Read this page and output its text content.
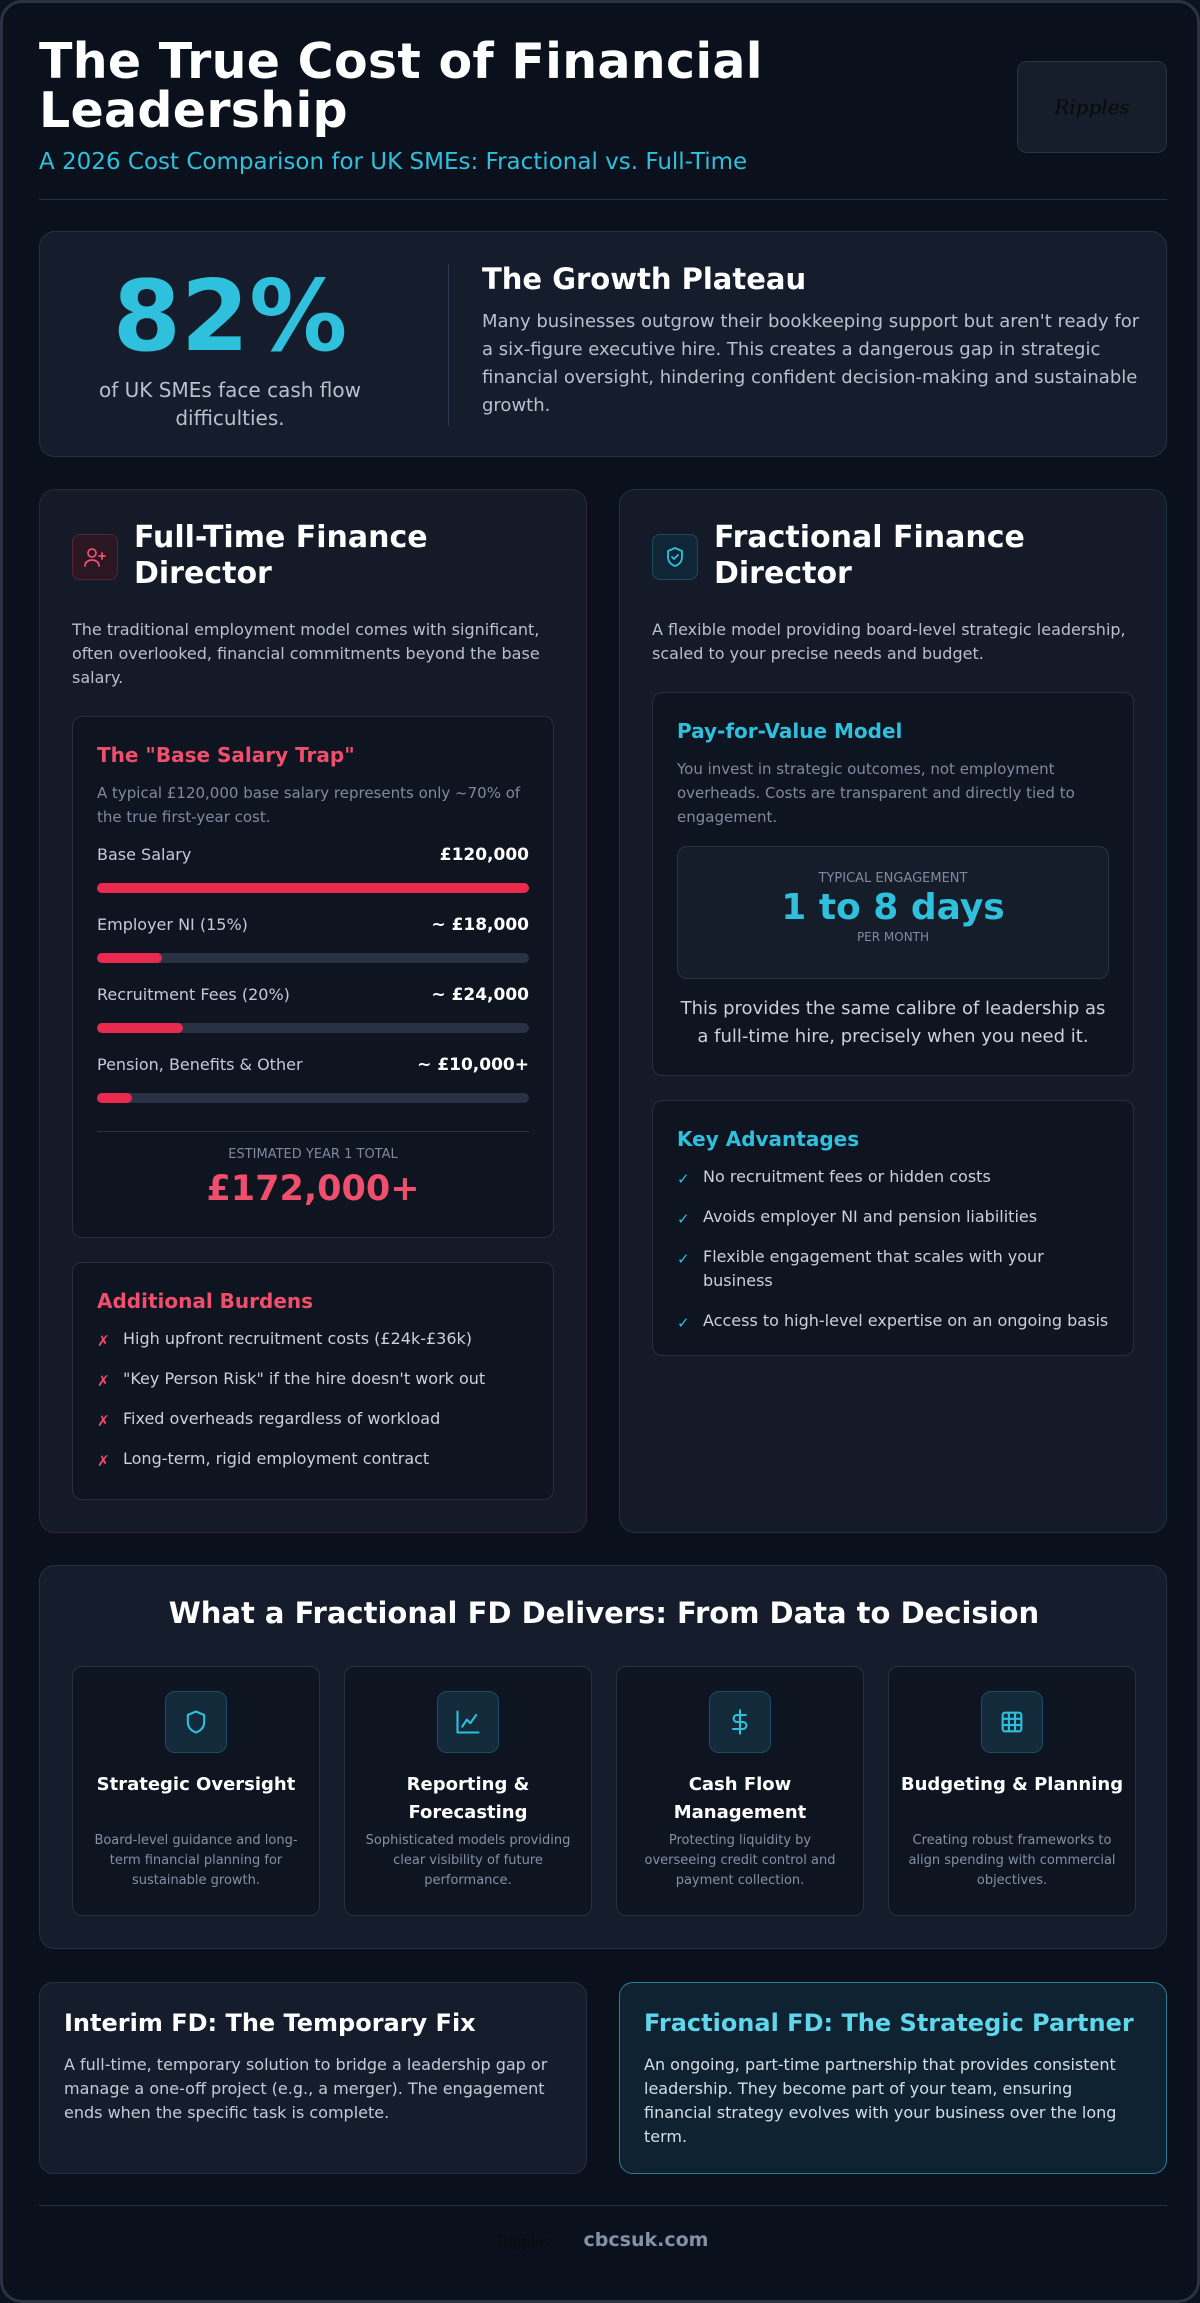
The True Cost of Financial Leadership
A 2026 Cost Comparison for UK SMEs: Fractional vs. Full-Time
Ripples
82%
of UK SMEs face cash flow difficulties.
The Growth Plateau
Many businesses outgrow their bookkeeping support but aren't ready for a six-figure executive hire. This creates a dangerous gap in strategic financial oversight, hindering confident decision-making and sustainable growth.
Full-Time Finance Director
The traditional employment model comes with significant, often overlooked, financial commitments beyond the base salary.
The "Base Salary Trap"
A typical £120,000 base salary represents only ~70% of the true first-year cost.
Base Salary	£120,000
Employer NI (15%)	~ £18,000
Recruitment Fees (20%)	~ £24,000
Pension, Benefits & Other	~ £10,000+
ESTIMATED YEAR 1 TOTAL
£172,000+
Additional Burdens
✗ High upfront recruitment costs (£24k-£36k)
✗ "Key Person Risk" if the hire doesn't work out
✗ Fixed overheads regardless of workload
✗ Long-term, rigid employment contract
Fractional Finance Director
A flexible model providing board-level strategic leadership, scaled to your precise needs and budget.
Pay-for-Value Model
You invest in strategic outcomes, not employment overheads. Costs are transparent and directly tied to engagement.
TYPICAL ENGAGEMENT
1 to 8 days
PER MONTH
This provides the same calibre of leadership as a full-time hire, precisely when you need it.
Key Advantages
✓ No recruitment fees or hidden costs
✓ Avoids employer NI and pension liabilities
✓ Flexible engagement that scales with your business
✓ Access to high-level expertise on an ongoing basis
What a Fractional FD Delivers: From Data to Decision
Strategic Oversight
Board-level guidance and long-term financial planning for sustainable growth.
Reporting & Forecasting
Sophisticated models providing clear visibility of future performance.
Cash Flow Management
Protecting liquidity by overseeing credit control and payment collection.
Budgeting & Planning
Creating robust frameworks to align spending with commercial objectives.
Interim FD: The Temporary Fix
A full-time, temporary solution to bridge a leadership gap or manage a one-off project (e.g., a merger). The engagement ends when the specific task is complete.
Fractional FD: The Strategic Partner
An ongoing, part-time partnership that provides consistent leadership. They become part of your team, ensuring financial strategy evolves with your business over the long term.
Ripples cbcsuk.com
